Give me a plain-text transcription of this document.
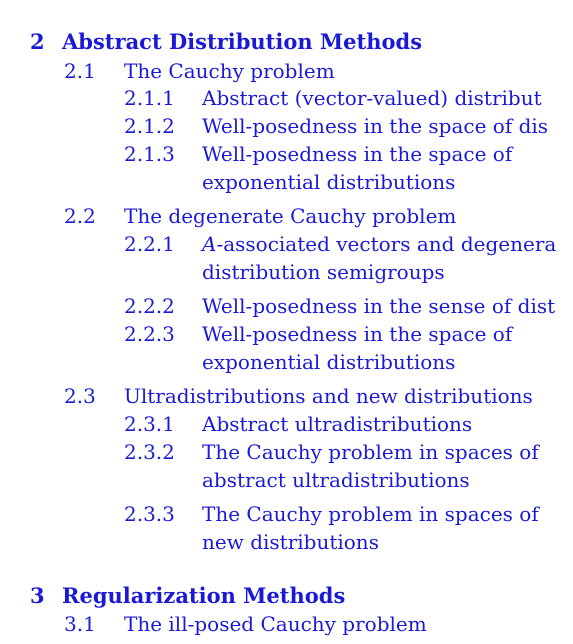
2 Abstract Distribution Methods
2.1 The Cauchy problem
2.1.1 Abstract (vector-valued) distribut
2.1.2 Well-posedness in the space of dis
2.1.3 Well-posedness in the space of
exponential distributions
2.2 The degenerate Cauchy problem
2.2.1 A-associated vectors and degenera
distribution semigroups
2.2.2 Well-posedness in the sense of dist
2.2.3 Well-posedness in the space of
exponential distributions
2.3 Ultradistributions and new distributions
2.3.1 Abstract ultradistributions
2.3.2 The Cauchy problem in spaces of
abstract ultradistributions
2.3.3 The Cauchy problem in spaces of
new distributions
3 Regularization Methods
3.1 The ill-posed Cauchy problem
